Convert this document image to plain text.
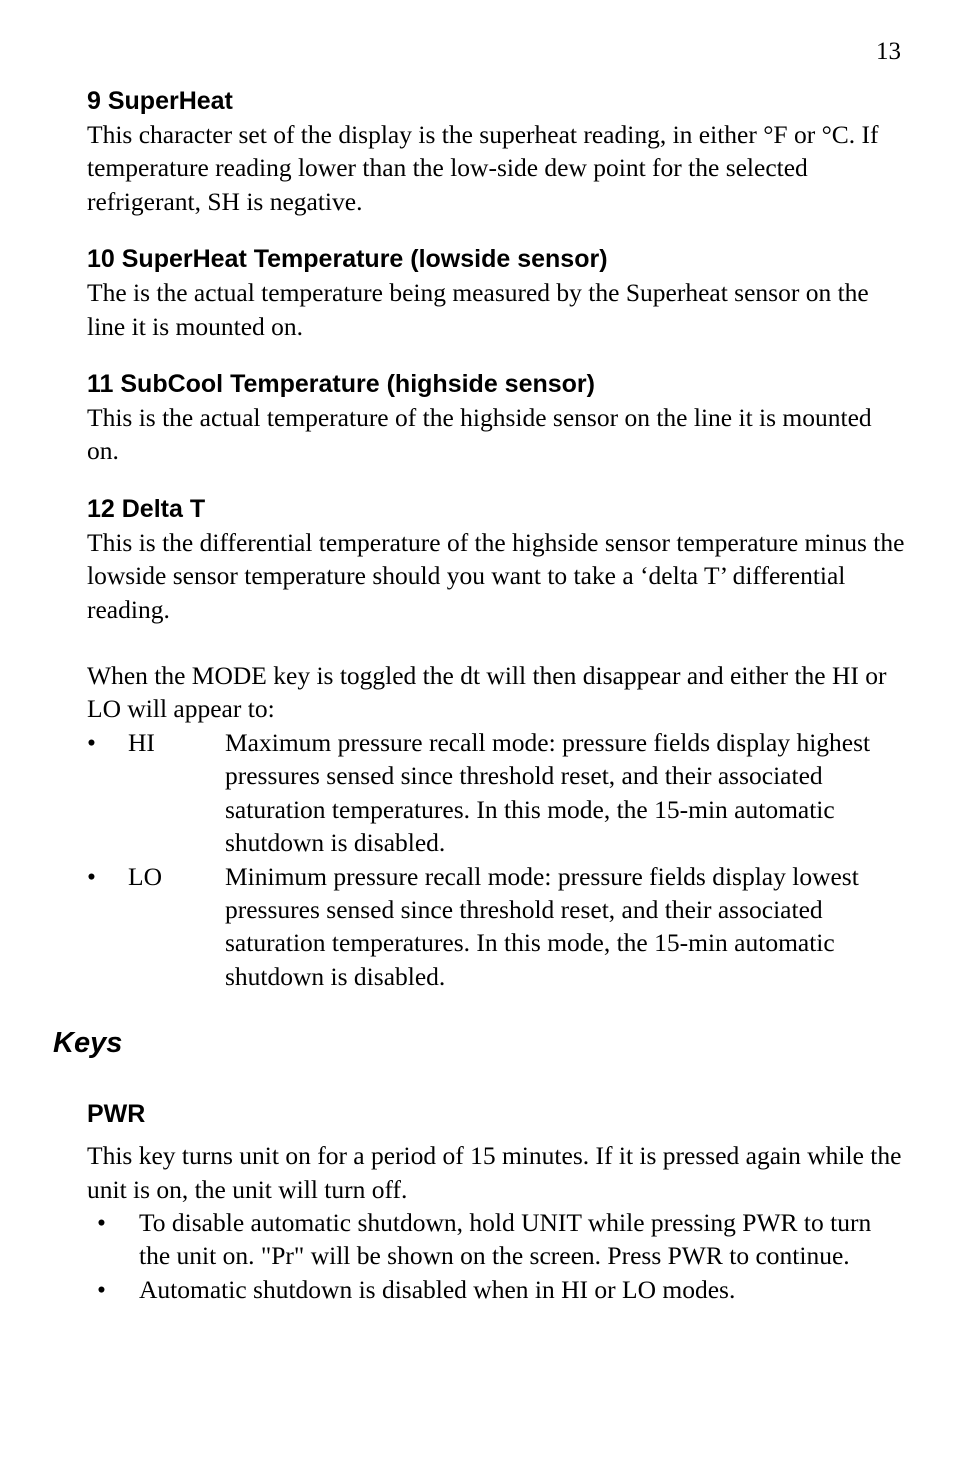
13
9 SuperHeat

This character set of the display is the superheat reading, in either °F or °C. If temperature reading lower than the low-side dew point for the selected refrigerant, SH is negative.

10 SuperHeat Temperature (lowside sensor)

The is the actual temperature being measured by the Superheat sensor on the line it is mounted on.

11 SubCool Temperature (highside sensor)

This is the actual temperature of the highside sensor on the line it is mounted on.

12 Delta T

This is the differential temperature of the highside sensor temperature minus the lowside sensor temperature should you want to take a ‘delta T’ differential reading.

When the MODE key is toggled the dt will then disappear and either the HI or LO will appear to:

•	HI	Maximum pressure recall mode: pressure fields display highest pressures sensed since threshold reset, and their associated saturation temperatures. In this mode, the 15-min automatic shutdown is disabled.
•	LO Minimum pressure recall mode: pressure fields display lowest pressures sensed since threshold reset, and their associated saturation temperatures. In this mode, the 15-min automatic shutdown is disabled.
Keys
PWR

This key turns unit on for a period of 15 minutes. If it is pressed again while the unit is on, the unit will turn off.

• To disable automatic shutdown, hold UNIT while pressing PWR to turn the unit on. "Pr" will be shown on the screen. Press PWR to continue.
• Automatic shutdown is disabled when in HI or LO modes.
